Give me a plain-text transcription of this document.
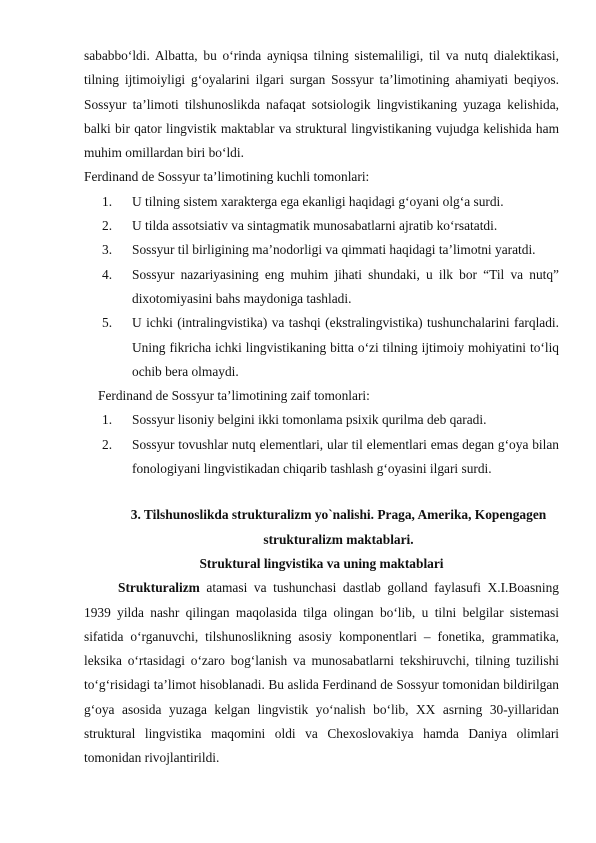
sababbo‘ldi. Albatta, bu o‘rinda ayniqsa tilning sistemaliligi, til va nutq dialektikasi, tilning ijtimoiyligi g‘oyalarini ilgari surgan Sossyur ta’limotining ahamiyati beqiyos. Sossyur ta’limoti tilshunoslikda nafaqat sotsiologik lingvistikaning yuzaga kelishida, balki bir qator lingvistik maktablar va struktural lingvistikaning vujudga kelishida ham muhim omillardan biri bo‘ldi.

Ferdinand de Sossyur ta’limotining kuchli tomonlari:

1. U tilning sistem xarakterga ega ekanligi haqidagi g‘oyani olg‘a surdi.
2. U tilda assotsiativ va sintagmatik munosabatlarni ajratib ko‘rsatatdi.
3. Sossyur til birligining ma’nodorligi va qimmati haqidagi ta’limotni yaratdi.
4. Sossyur nazariyasining eng muhim jihati shundaki, u ilk bor “Til va nutq” dixotomiyasini bahs maydoniga tashladi.
5. U ichki (intralingvistika) va tashqi (ekstralingvistika) tushunchalarini farqladi. Uning fikricha ichki lingvistikaning bitta o‘zi tilning ijtimoiy mohiyatini to‘liq ochib bera olmaydi.

Ferdinand de Sossyur ta’limotining zaif tomonlari:

1. Sossyur lisoniy belgini ikki tomonlama psixik qurilma deb qaradi.
2. Sossyur tovushlar nutq elementlari, ular til elementlari emas degan g‘oya bilan fonologiyani lingvistikadan chiqarib tashlash g‘oyasini ilgari surdi.

3. Tilshunoslikda strukturalizm yo`nalishi. Praga, Amerika, Kopengagen strukturalizm maktablari.

Struktural lingvistika va uning maktablari

Strukturalizm atamasi va tushunchasi dastlab golland faylasufi X.I.Boasning 1939 yilda nashr qilingan maqolasida tilga olingan bo‘lib, u tilni belgilar sistemasi sifatida o‘rganuvchi, tilshunoslikning asosiy komponentlari – fonetika, grammatika, leksika o‘rtasidagi o‘zaro bog‘lanish va munosabatlarni tekshiruvchi, tilning tuzilishi to‘g‘risidagi ta’limot hisoblanadi. Bu aslida Ferdinand de Sossyur tomonidan bildirilgan g‘oya asosida yuzaga kelgan lingvistik yo‘nalish bo‘lib, XX asrning 30-yillaridan struktural lingvistika maqomini oldi va Chexoslovakiya hamda Daniya olimlari tomonidan rivojlantirildi.
